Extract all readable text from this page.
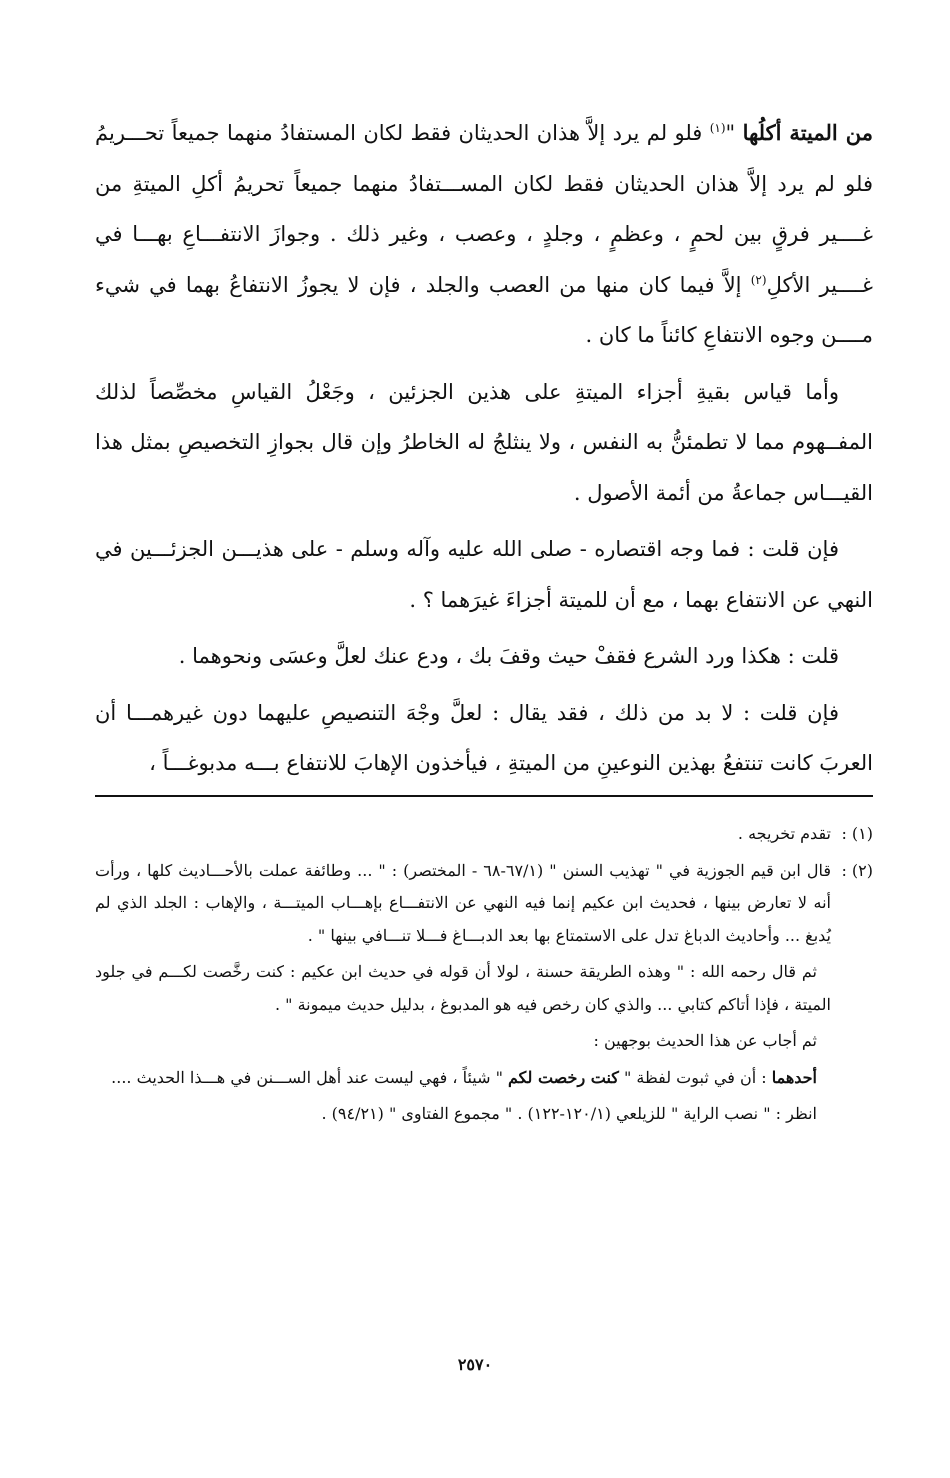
من الميتة أكلُها "$^{(١)}$ فلو لم يرد إلاَّ هذان الحديثان فقط لكان المستفادُ منهما جميعاً تحـــريمُ فلو لم يرد إلاَّ هذان الحديثان فقط لكان المســـتفادُ منهما جميعاً تحريمُ أكلِ الميتةِ من غــــير فرقٍ بين لحمٍ ، وعظمٍ ، وجلدٍ ، وعصب ، وغير ذلك . وجوازَ الانتفـــاعِ بهـــا في غــــير الأكلِ$^{(٢)}$ إلاَّ فيما كان منها من العصب والجلد ، فإن لا يجوزُ الانتفاعُ بهما في شيء مــــن وجوه الانتفاعِ كائناً ما كان .

وأما قياس بقيةِ أجزاء الميتةِ على هذين الجزئين ، وجَعْلُ القياسِ مخصِّصاً لذلك المفــهوم مما لا تطمئنُّ به النفس ، ولا ينثلجُ له الخاطرُ وإن قال بجوازِ التخصيصِ بمثل هذا القيـــاس جماعةُ من أئمة الأصول .

فإن قلت : فما وجه اقتصاره - صلى الله عليه وآله وسلم - على هذيـــن الجزئـــين في النهي عن الانتفاع بهما ، مع أن للميتة أجزاءَ غيرَهما ؟ .

قلت : هكذا ورد الشرع فقفْ حيث وقفَ بك ، ودع عنك لعلَّ وعسَى ونحوهما .

فإن قلت : لا بد من ذلك ، فقد يقال : لعلَّ وجْهَ التنصيصِ عليهما دون غيرهمـــا أن العربَ كانت تنتفعُ بهذين النوعينِ من الميتةِ ، فيأخذون الإهابَ للانتفاع بـــه مدبوغـــاً ،

(١) :تقدم تخريجه .

(٢) :قال ابن قيم الجوزية في " تهذيب السنن " (٦٧/١-٦٨ - المختصر) : " ... وطائفة عملت بالأحـــاديث كلها ، ورأت أنه لا تعارض بينها ، فحديث ابن عكيم إنما فيه النهي عن الانتفـــاع بإهـــاب الميتـــة ، والإهاب : الجلد الذي لم يُدبغ ... وأحاديث الدباغ تدل على الاستمتاع بها بعد الدبـــاغ فـــلا تنـــافي بينها " .

ثم قال رحمه الله : " وهذه الطريقة حسنة ، لولا أن قوله في حديث ابن عكيم : كنت رخَّصت لكـــم في جلود الميتة ، فإذا أتاكم كتابي ... والذي كان رخص فيه هو المدبوغ ، بدليل حديث ميمونة " .

ثم أجاب عن هذا الحديث بوجهين :

أحدهما : أن في ثبوت لفظة " كنت رخصت لكم " شيئاً ، فهي ليست عند أهل الســـنن في هـــذا الحديث ....

انظر : " نصب الراية " للزيلعي (١٢٠/١-١٢٢) . " مجموع الفتاوى " (٩٤/٢١) .

٢٥٧٠
